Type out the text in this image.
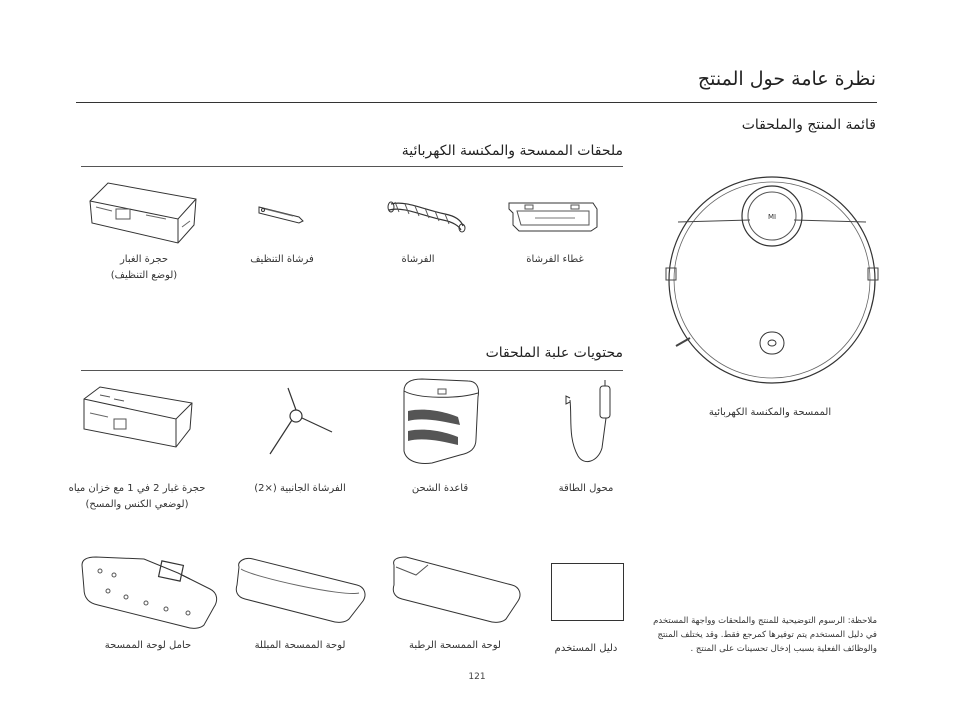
نظرة عامة حول المنتج
قائمة المنتج والملحقات
ملحقات الممسحة والمكنسة الكهربائية
غطاء الفرشاة
الفرشاة
فرشاة التنظيف
حجرة الغبار
(لوضع التنظيف)
محتويات علبة الملحقات
محول الطاقة
قاعدة الشحن
الفرشاة الجانبية (×2)
حجرة غبار 2 في 1 مع خزان مياه
(لوضعي الكنس والمسح)
دليل المستخدم
لوحة الممسحة الرطبة
لوحة الممسحة المبللة
حامل لوحة الممسحة
MI
الممسحة والمكنسة الكهربائية
ملاحظة: الرسوم التوضيحية للمنتج والملحقات وواجهة المستخدم
في دليل المستخدم يتم توفيرها كمرجع فقط. وقد يختلف المنتج
والوظائف الفعلية بسبب إدخال تحسينات على المنتج .
121
